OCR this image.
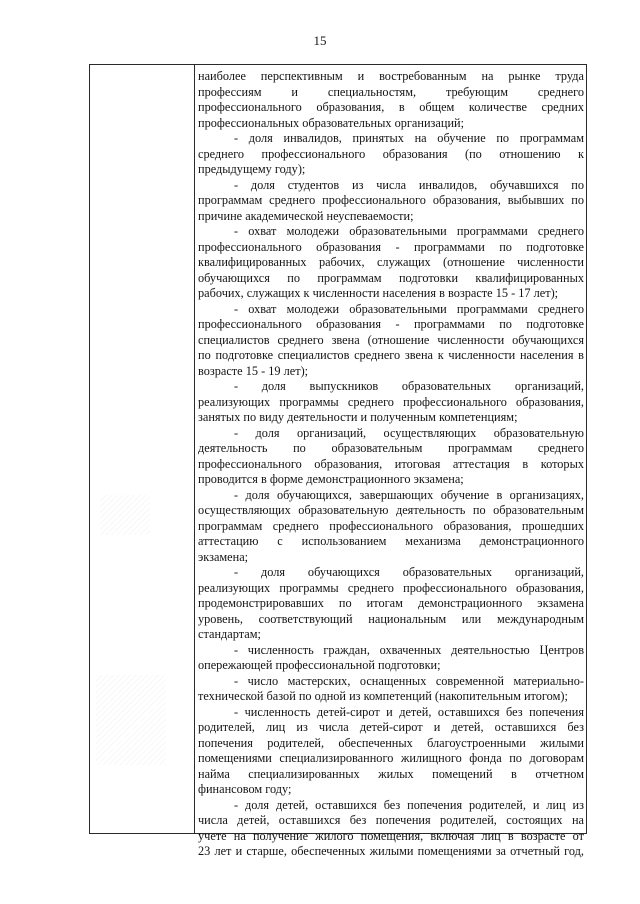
15
наиболее перспективным и востребованным на рынке труда
профессиям и специальностям, требующим среднего
профессионального образования, в общем количестве средних
профессиональных образовательных организаций;
- доля инвалидов, принятых на обучение по программам
среднего профессионального образования (по отношению к
предыдущему году);
- доля студентов из числа инвалидов, обучавшихся по
программам среднего профессионального образования, выбывших по
причине академической неуспеваемости;
- охват молодежи образовательными программами среднего
профессионального образования - программами по подготовке
квалифицированных рабочих, служащих (отношение численности
обучающихся по программам подготовки квалифицированных
рабочих, служащих к численности населения в возрасте 15 - 17 лет);
- охват молодежи образовательными программами среднего
профессионального образования - программами по подготовке
специалистов среднего звена (отношение численности обучающихся
по подготовке специалистов среднего звена к численности населения в
возрасте 15 - 19 лет);
- доля выпускников образовательных организаций,
реализующих программы среднего профессионального образования,
занятых по виду деятельности и полученным компетенциям;
- доля организаций, осуществляющих образовательную
деятельность по образовательным программам среднего
профессионального образования, итоговая аттестация в которых
проводится в форме демонстрационного экзамена;
- доля обучающихся, завершающих обучение в организациях,
осуществляющих образовательную деятельность по образовательным
программам среднего профессионального образования, прошедших
аттестацию с использованием механизма демонстрационного
экзамена;
- доля обучающихся образовательных организаций,
реализующих программы среднего профессионального образования,
продемонстрировавших по итогам демонстрационного экзамена
уровень, соответствующий национальным или международным
стандартам;
- численность граждан, охваченных деятельностью Центров
опережающей профессиональной подготовки;
- число мастерских, оснащенных современной материально-
технической базой по одной из компетенций (накопительным итогом);
- численность детей-сирот и детей, оставшихся без попечения
родителей, лиц из числа детей-сирот и детей, оставшихся без
попечения родителей, обеспеченных благоустроенными жилыми
помещениями специализированного жилищного фонда по договорам
найма специализированных жилых помещений в отчетном
финансовом году;
- доля детей, оставшихся без попечения родителей, и лиц из
числа детей, оставшихся без попечения родителей, состоящих на
учете на получение жилого помещения, включая лиц в возрасте от
23 лет и старше, обеспеченных жилыми помещениями за отчетный год,
